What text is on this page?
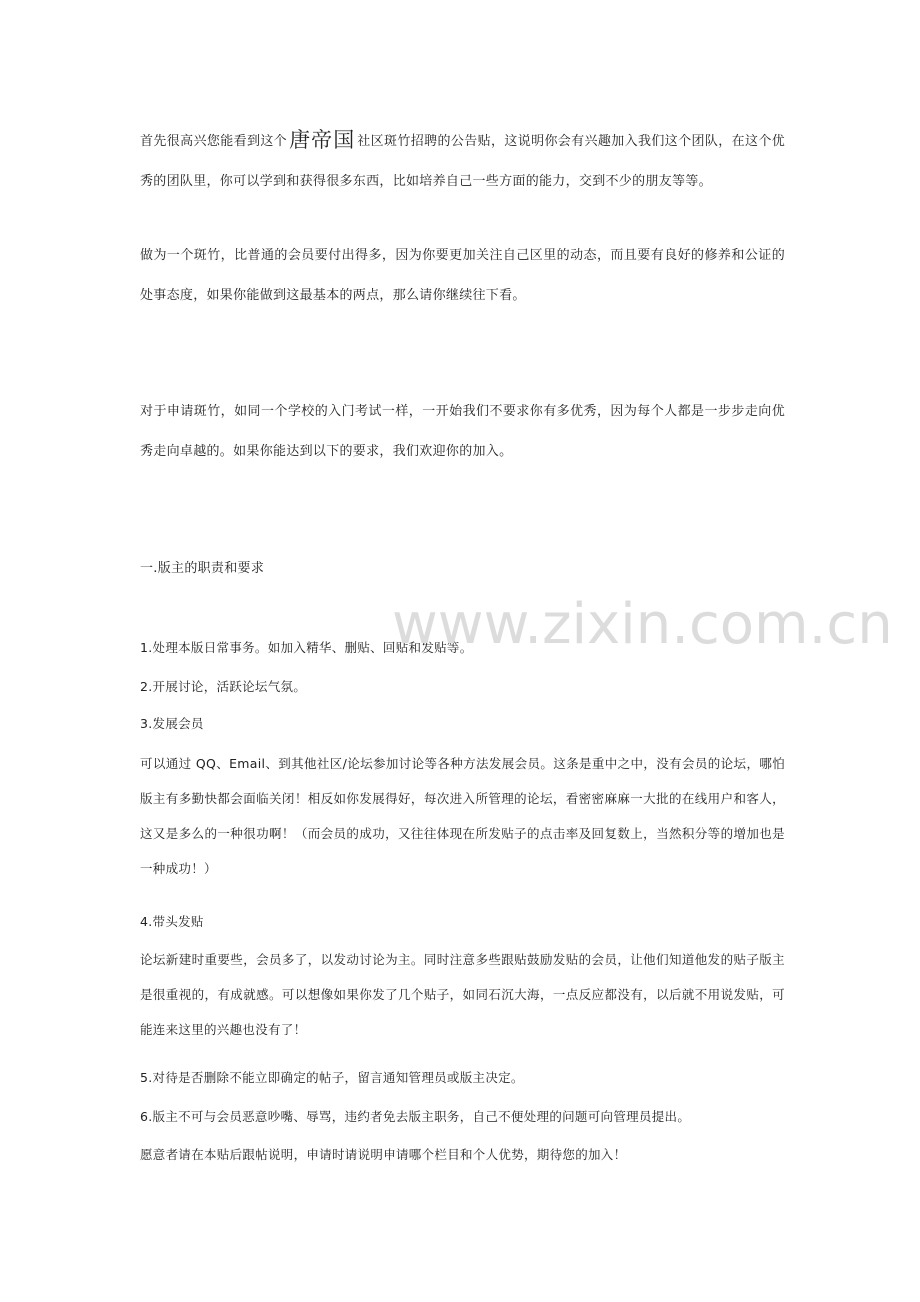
首先很高兴您能看到这个唐帝国 社区斑竹招聘的公告贴，这说明你会有兴趣加入我们这个团队，在这个优秀的团队里，你可以学到和获得很多东西，比如培养自己一些方面的能力，交到不少的朋友等等。

做为一个斑竹，比普通的会员要付出得多，因为你要更加关注自己区里的动态，而且要有良好的修养和公证的处事态度，如果你能做到这最基本的两点，那么请你继续往下看。

对于申请斑竹，如同一个学校的入门考试一样，一开始我们不要求你有多优秀，因为每个人都是一步步走向优秀走向卓越的。如果你能达到以下的要求，我们欢迎你的加入。

一.版主的职责和要求

1.处理本版日常事务。如加入精华、删贴、回贴和发贴等。

2.开展讨论，活跃论坛气氛。

3.发展会员

可以通过 QQ、Email、到其他社区/论坛参加讨论等各种方法发展会员。这条是重中之中，没有会员的论坛，哪怕版主有多勤快都会面临关闭！相反如你发展得好，每次进入所管理的论坛，看密密麻麻一大批的在线用户和客人，这又是多么的一种很功啊！（而会员的成功，又往往体现在所发贴子的点击率及回复数上，当然积分等的增加也是一种成功！）

4.带头发贴

论坛新建时重要些，会员多了，以发动讨论为主。同时注意多些跟贴鼓励发贴的会员，让他们知道他发的贴子版主是很重视的，有成就感。可以想像如果你发了几个贴子，如同石沉大海，一点反应都没有，以后就不用说发贴，可能连来这里的兴趣也没有了！

5.对待是否删除不能立即确定的帖子，留言通知管理员或版主决定。

6.版主不可与会员恶意吵嘴、辱骂，违约者免去版主职务，自己不便处理的问题可向管理员提出。

愿意者请在本贴后跟帖说明，申请时请说明申请哪个栏目和个人优势，期待您的加入！

www.zixin.com.cn
